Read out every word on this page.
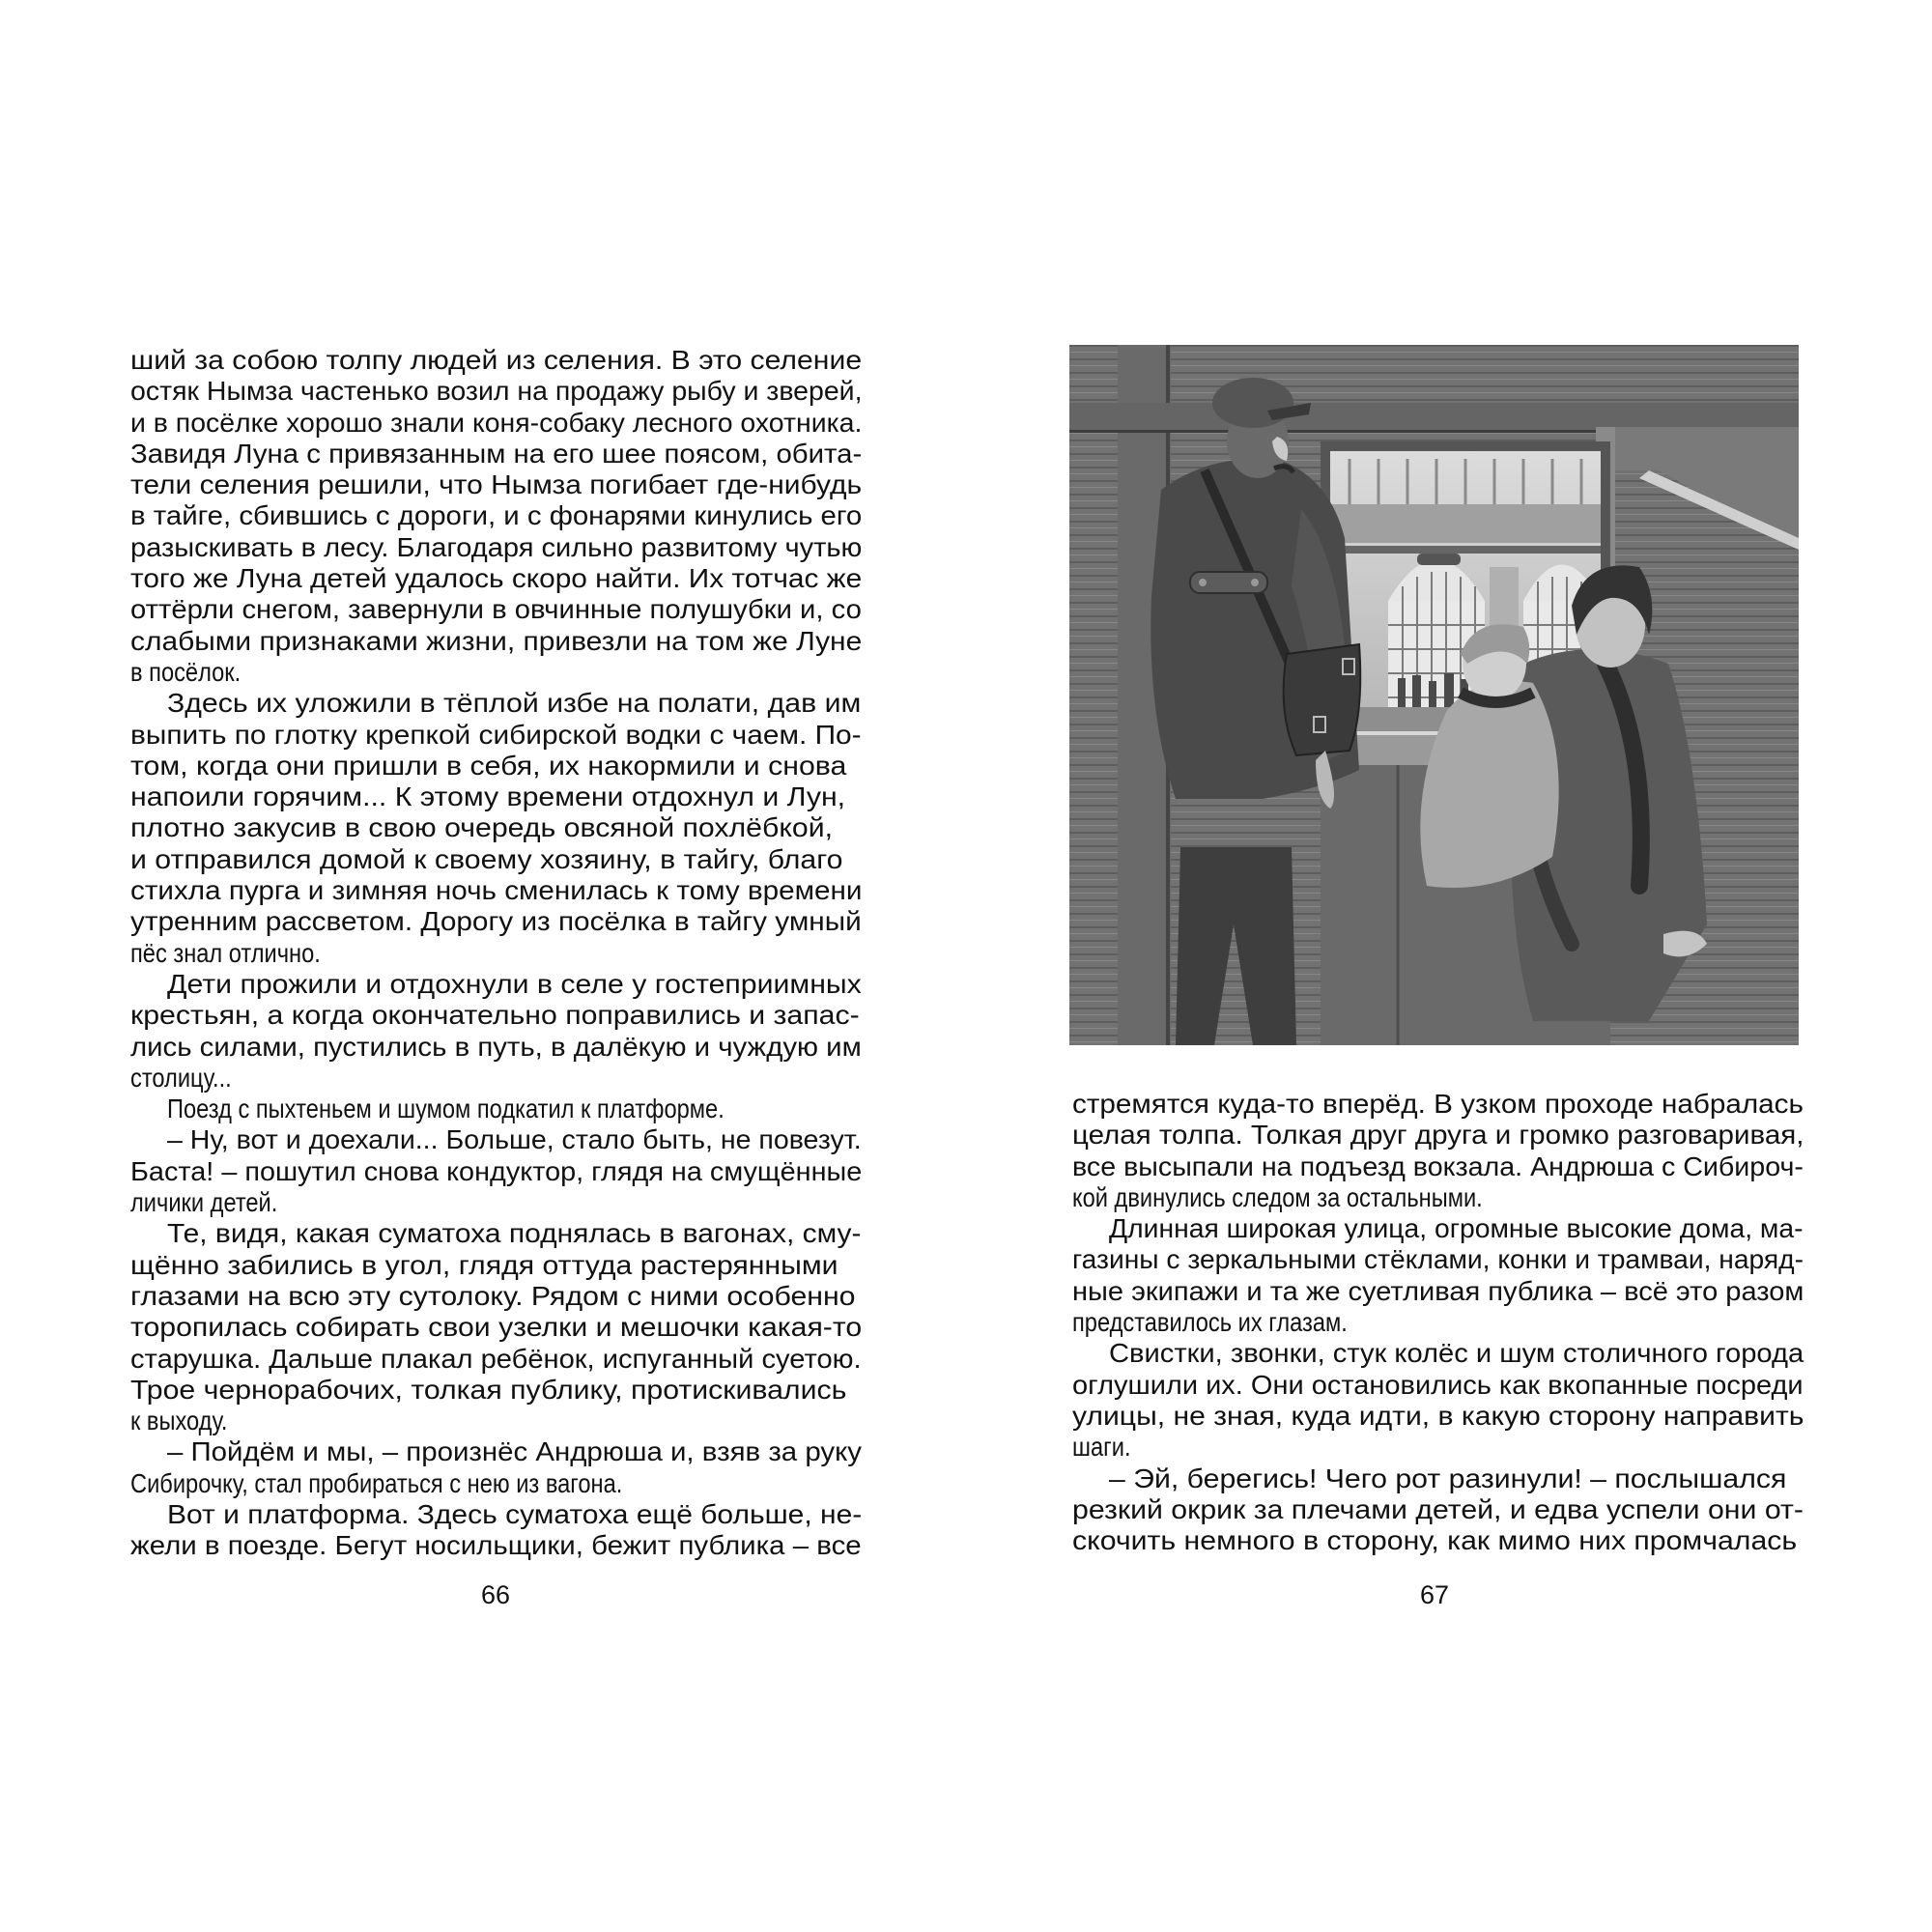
ший за собою толпу людей из селения. В это селение
остяк Нымза частенько возил на продажу рыбу и зверей,
и в посёлке хорошо знали коня-собаку лесного охотника.
Завидя Луна с привязанным на его шее поясом, обита-
тели селения решили, что Нымза погибает где-нибудь
в тайге, сбившись с дороги, и с фонарями кинулись его
разыскивать в лесу. Благодаря сильно развитому чутью
того же Луна детей удалось скоро найти. Их тотчас же
оттёрли снегом, завернули в овчинные полушубки и, со
слабыми признаками жизни, привезли на том же Луне
в посёлок.
Здесь их уложили в тёплой избе на полати, дав им
выпить по глотку крепкой сибирской водки с чаем. По-
том, когда они пришли в себя, их накормили и снова
напоили горячим... К этому времени отдохнул и Лун,
плотно закусив в свою очередь овсяной похлёбкой,
и отправился домой к своему хозяину, в тайгу, благо
стихла пурга и зимняя ночь сменилась к тому времени
утренним рассветом. Дорогу из посёлка в тайгу умный
пёс знал отлично.
Дети прожили и отдохнули в селе у гостеприимных
крестьян, а когда окончательно поправились и запас-
лись силами, пустились в путь, в далёкую и чуждую им
столицу...
Поезд с пыхтеньем и шумом подкатил к платформе.
– Ну, вот и доехали... Больше, стало быть, не повезут.
Баста! – пошутил снова кондуктор, глядя на смущённые
личики детей.
Те, видя, какая суматоха поднялась в вагонах, сму-
щённо забились в угол, глядя оттуда растерянными
глазами на всю эту сутолоку. Рядом с ними особенно
торопилась собирать свои узелки и мешочки какая-то
старушка. Дальше плакал ребёнок, испуганный суетою.
Трое чернорабочих, толкая публику, протискивались
к выходу.
– Пойдём и мы, – произнёс Андрюша и, взяв за руку
Сибирочку, стал пробираться с нею из вагона.
Вот и платформа. Здесь суматоха ещё больше, не-
жели в поезде. Бегут носильщики, бежит публика – все
66	67
стремятся куда-то вперёд. В узком проходе набралась
целая толпа. Толкая друг друга и громко разговаривая,
все высыпали на подъезд вокзала. Андрюша с Сибироч-
кой двинулись следом за остальными.
Длинная широкая улица, огромные высокие дома, ма-
газины с зеркальными стёклами, конки и трамваи, наряд-
ные экипажи и та же суетливая публика – всё это разом
представилось их глазам.
Свистки, звонки, стук колёс и шум столичного города
оглушили их. Они остановились как вкопанные посреди
улицы, не зная, куда идти, в какую сторону направить
шаги.
– Эй, берегись! Чего рот разинули! – послышался
резкий окрик за плечами детей, и едва успели они от-
скочить немного в сторону, как мимо них промчалась
